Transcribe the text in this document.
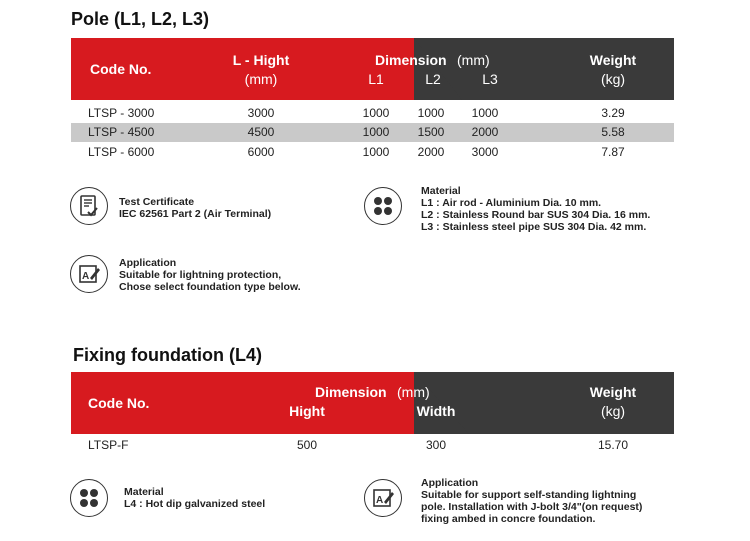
Pole (L1, L2, L3)
Code No.
L - Hight
(mm)
Dimension (mm)
L1	L2	L3
Weight
(kg)
LTSP - 3000	3000	1000 1000 1000	3.29
LTSP - 4500	4500	1000 1500 2000	5.58
LTSP - 6000	6000	1000 2000 3000	7.87
Test Certificate
IEC 62561 Part 2 (Air Terminal)
Material
L1 : Air rod - Aluminium Dia. 10 mm.
L2 : Stainless Round bar SUS 304 Dia. 16 mm.
L3 : Stainless steel pipe SUS 304 Dia. 42 mm.
A
Application
Suitable for lightning protection,
Chose select foundation type below.
Fixing foundation (L4)
Code No.
Dimension (mm)
Hight	Width
Weight
(kg)
LTSP-F	500	300	15.70
Material
L4 : Hot dip galvanized steel	A
Application
Suitable for support self-standing lightning
pole. Installation with J-bolt 3/4"(on request)
fixing ambed in concre foundation.
